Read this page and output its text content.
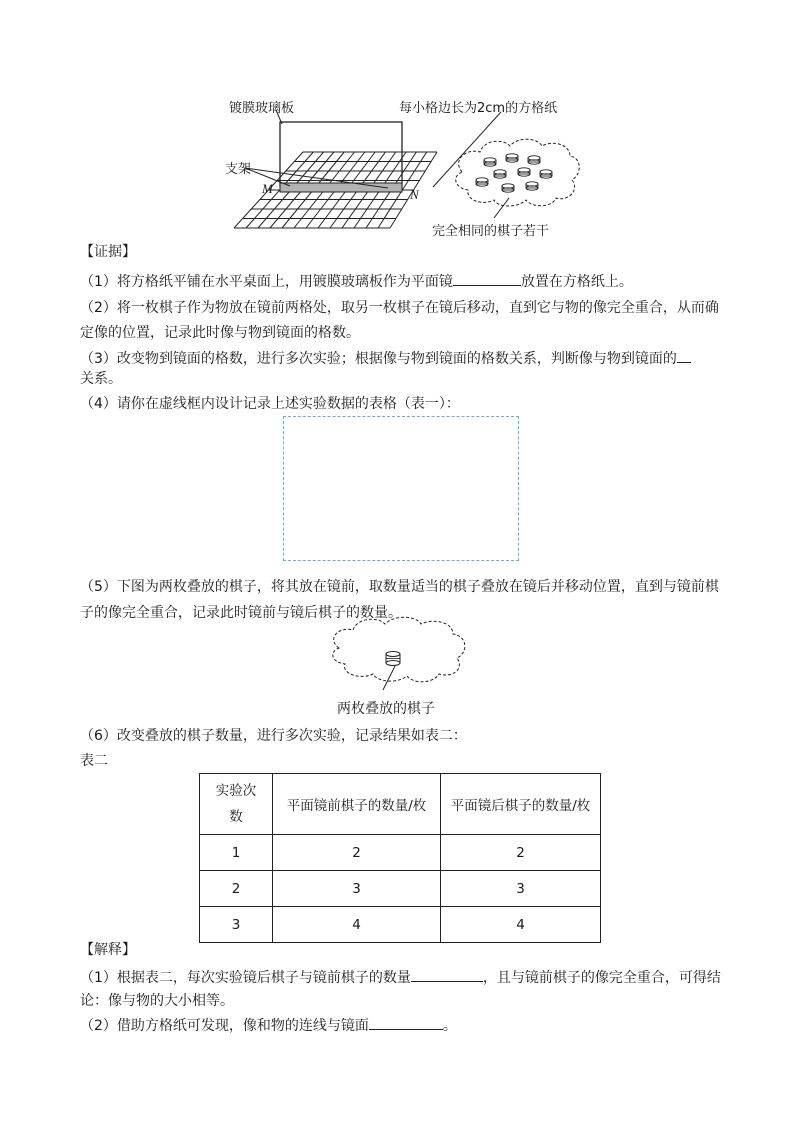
镀膜玻璃板	每小格边长为2cm的方格纸
支架
M	N
完全相同的棋子若干
【证据】
（1）将方格纸平铺在水平桌面上，用镀膜玻璃板作为平面镜	放置在方格纸上。
（2）将一枚棋子作为物放在镜前两格处，取另一枚棋子在镜后移动，直到它与物的像完全重合，从而确
定像的位置，记录此时像与物到镜面的格数。
（3）改变物到镜面的格数，进行多次实验；根据像与物到镜面的格数关系，判断像与物到镜面的
关系。
（4）请你在虚线框内设计记录上述实验数据的表格（表一）：
（5）下图为两枚叠放的棋子，将其放在镜前，取数量适当的棋子叠放在镜后并移动位置，直到与镜前棋
子的像完全重合，记录此时镜前与镜后棋子的数量。
两枚叠放的棋子
（6）改变叠放的棋子数量，进行多次实验，记录结果如表二：
表二
实验次
数	平面镜前棋子的数量/枚	平面镜后棋子的数量/枚
1	2	2
2	3	3
3	4	4
【解释】
（1）根据表二，每次实验镜后棋子与镜前棋子的数量	，且与镜前棋子的像完全重合，可得结
论：像与物的大小相等。
（2）借助方格纸可发现，像和物的连线与镜面	。
